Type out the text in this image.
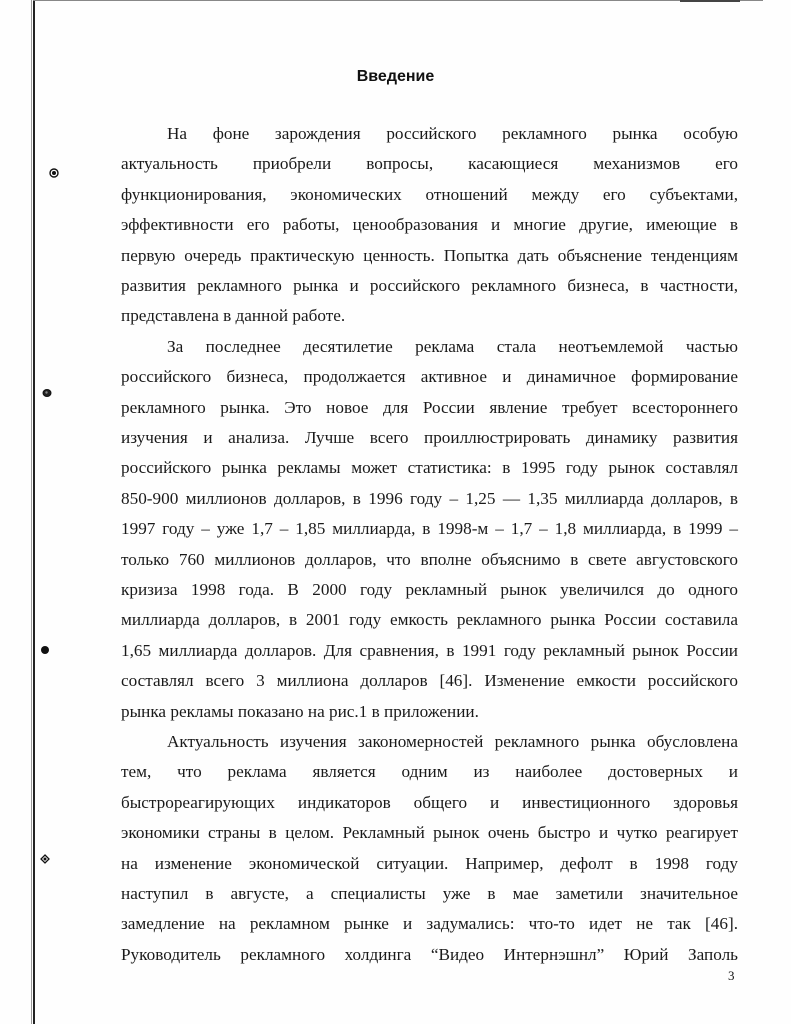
Введение
На фоне зарождения российского рекламного рынка особую
актуальность приобрели вопросы, касающиеся механизмов его
функционирования, экономических отношений между его субъектами,
эффективности его работы, ценообразования и многие другие, имеющие в
первую очередь практическую ценность. Попытка дать объяснение тенденциям
развития рекламного рынка и российского рекламного бизнеса, в частности,
представлена в данной работе.
За последнее десятилетие реклама стала неотъемлемой частью
российского бизнеса, продолжается активное и динамичное формирование
рекламного рынка. Это новое для России явление требует всестороннего
изучения и анализа. Лучше всего проиллюстрировать динамику развития
российского рынка рекламы может статистика: в 1995 году рынок составлял
850-900 миллионов долларов, в 1996 году – 1,25 — 1,35 миллиарда долларов, в
1997 году – уже 1,7 – 1,85 миллиарда, в 1998-м – 1,7 – 1,8 миллиарда, в 1999 –
только 760 миллионов долларов, что вполне объяснимо в свете августовского
кризиза 1998 года. В 2000 году рекламный рынок увеличился до одного
миллиарда долларов, в 2001 году емкость рекламного рынка России составила
1,65 миллиарда долларов. Для сравнения, в 1991 году рекламный рынок России
составлял всего 3 миллиона долларов [46]. Изменение емкости российского
рынка рекламы показано на рис.1 в приложении.
Актуальность изучения закономерностей рекламного рынка обусловлена
тем, что реклама является одним из наиболее достоверных и
быстрореагирующих индикаторов общего и инвестиционного здоровья
экономики страны в целом. Рекламный рынок очень быстро и чутко реагирует
на изменение экономической ситуации. Например, дефолт в 1998 году
наступил в августе, а специалисты уже в мае заметили значительное
замедление на рекламном рынке и задумались: что-то идет не так [46].
Руководитель рекламного холдинга “Видео Интернэшнл” Юрий Заполь
3
